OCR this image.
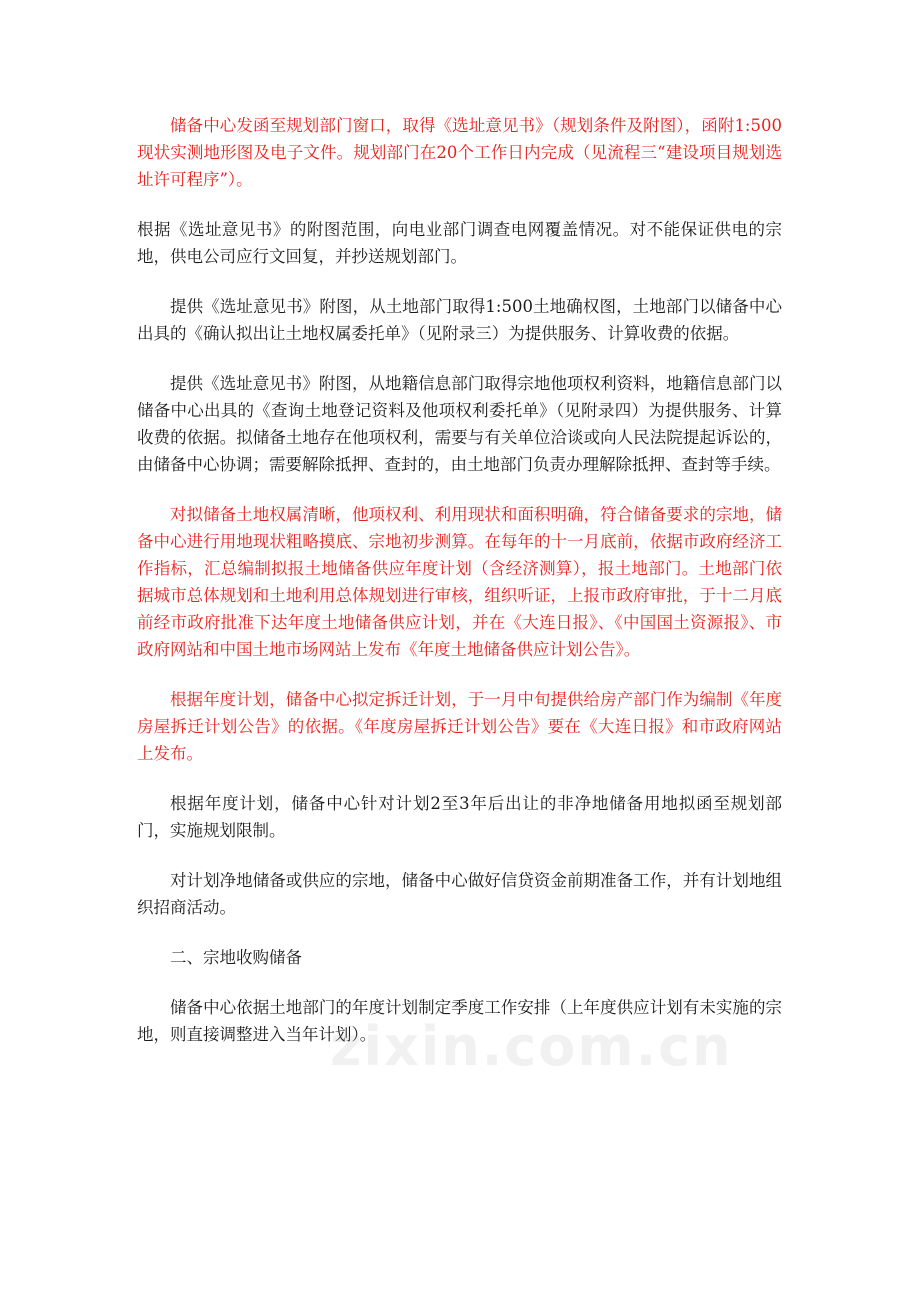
储备中心发函至规划部门窗口，取得《选址意见书》（规划条件及附图），函附1:500 现状实测地形图及电子文件。规划部门在20个工作日内完成（见流程三“建设项目规划选址许可程序”）。

根据《选址意见书》的附图范围，向电业部门调查电网覆盖情况。对不能保证供电的宗地，供电公司应行文回复，并抄送规划部门。

提供《选址意见书》附图，从土地部门取得1:500土地确权图，土地部门以储备中心出具的《确认拟出让土地权属委托单》（见附录三）为提供服务、计算收费的依据。

提供《选址意见书》附图，从地籍信息部门取得宗地他项权利资料，地籍信息部门以储备中心出具的《查询土地登记资料及他项权利委托单》（见附录四）为提供服务、计算收费的依据。拟储备土地存在他项权利，需要与有关单位洽谈或向人民法院提起诉讼的，由储备中心协调；需要解除抵押、查封的，由土地部门负责办理解除抵押、查封等手续。

对拟储备土地权属清晰，他项权利、利用现状和面积明确，符合储备要求的宗地，储备中心进行用地现状粗略摸底、宗地初步测算。在每年的十一月底前，依据市政府经济工作指标，汇总编制拟报土地储备供应年度计划（含经济测算），报土地部门。土地部门依据城市总体规划和土地利用总体规划进行审核，组织听证，上报市政府审批，于十二月底前经市政府批准下达年度土地储备供应计划，并在《大连日报》、《中国国土资源报》、市政府网站和中国土地市场网站上发布《年度土地储备供应计划公告》。

根据年度计划，储备中心拟定拆迁计划，于一月中旬提供给房产部门作为编制《年度房屋拆迁计划公告》的依据。《年度房屋拆迁计划公告》要在《大连日报》和市政府网站上发布。

根据年度计划，储备中心针对计划2至3年后出让的非净地储备用地拟函至规划部门，实施规划限制。

对计划净地储备或供应的宗地，储备中心做好信贷资金前期准备工作，并有计划地组织招商活动。

二、宗地收购储备

储备中心依据土地部门的年度计划制定季度工作安排（上年度供应计划有未实施的宗地，则直接调整进入当年计划）。

zixin.com.cn
